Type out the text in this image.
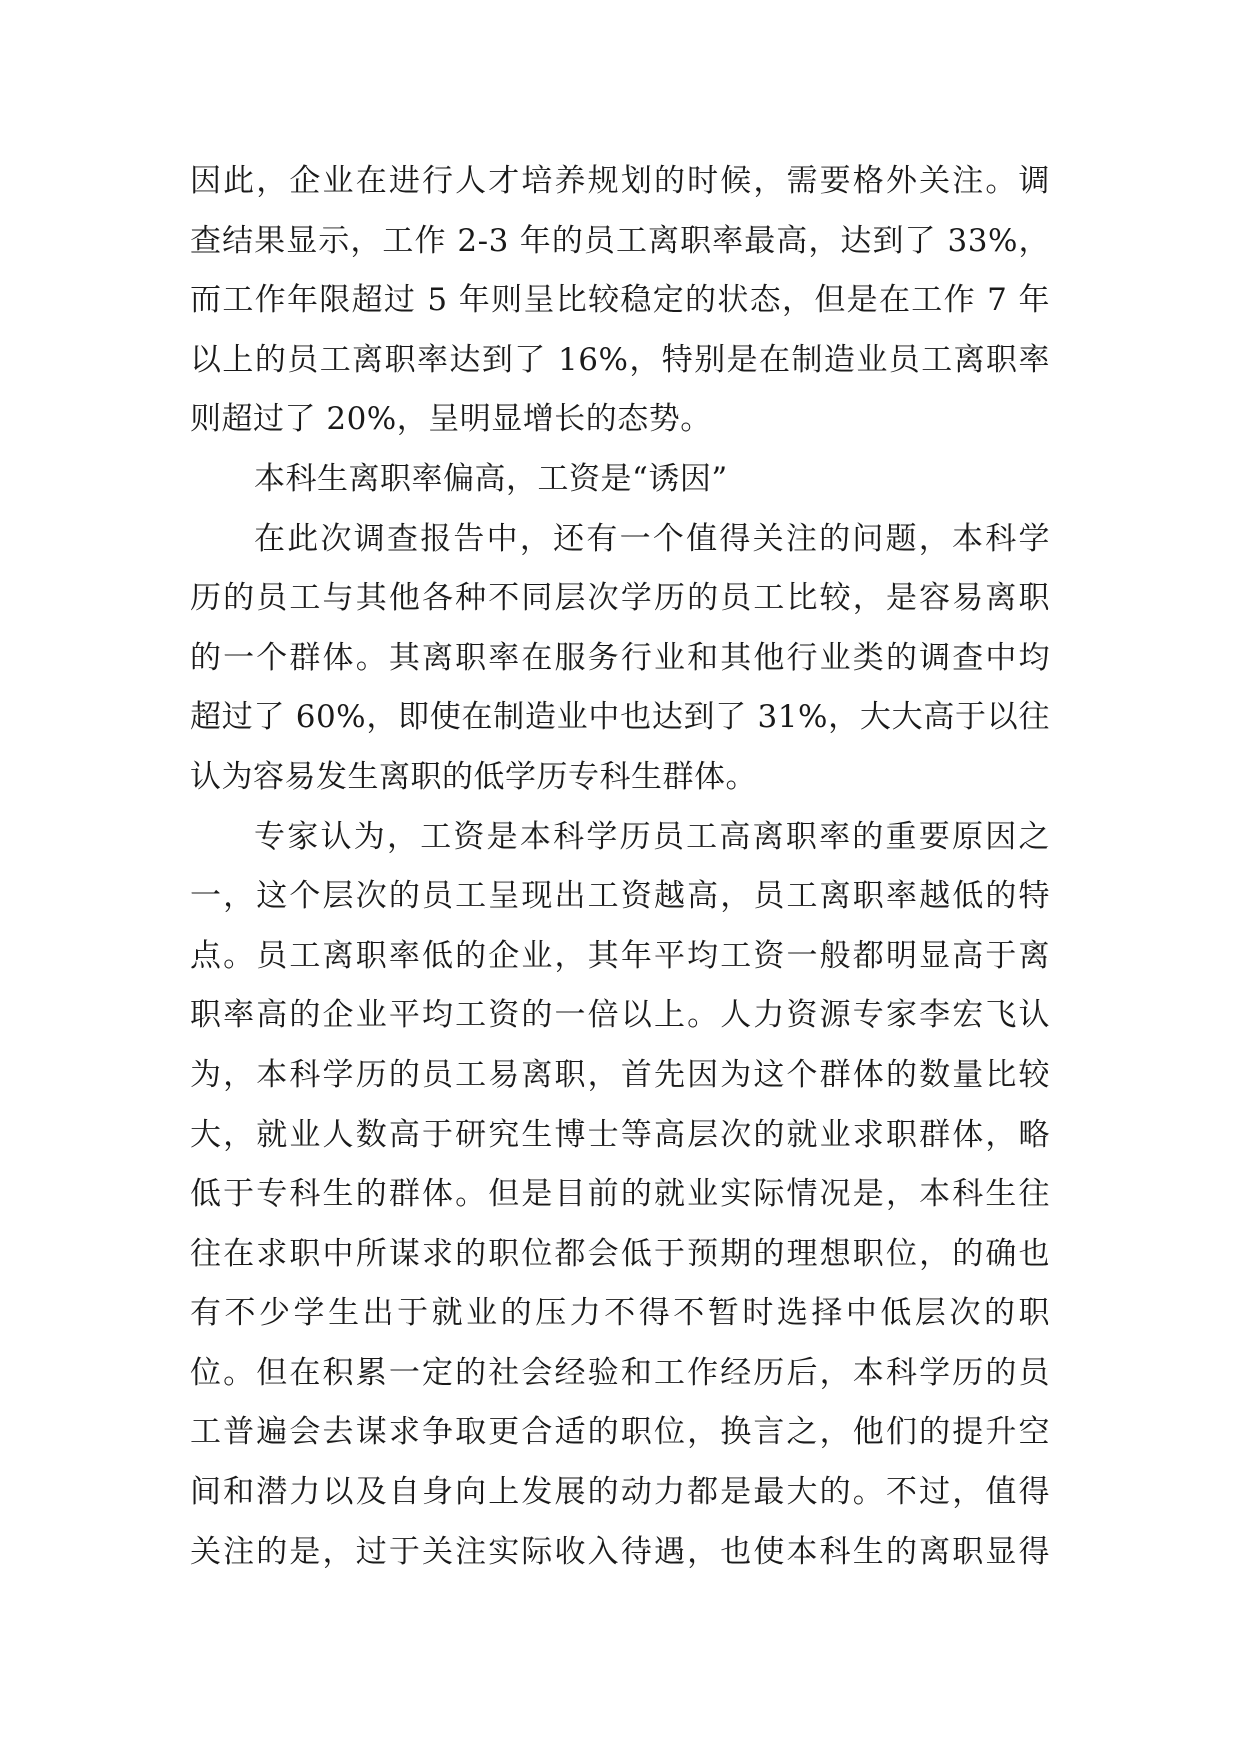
因此，企业在进行人才培养规划的时候，需要格外关注。调
查结果显示，工作 2-3 年的员工离职率最高，达到了 33%，
而工作年限超过 5 年则呈比较稳定的状态，但是在工作 7 年
以上的员工离职率达到了 16%，特别是在制造业员工离职率
则超过了 20%，呈明显增长的态势。
本科生离职率偏高，工资是“诱因”
在此次调查报告中，还有一个值得关注的问题，本科学
历的员工与其他各种不同层次学历的员工比较，是容易离职
的一个群体。其离职率在服务行业和其他行业类的调查中均
超过了 60%，即使在制造业中也达到了 31%，大大高于以往
认为容易发生离职的低学历专科生群体。
专家认为，工资是本科学历员工高离职率的重要原因之
一，这个层次的员工呈现出工资越高，员工离职率越低的特
点。员工离职率低的企业，其年平均工资一般都明显高于离
职率高的企业平均工资的一倍以上。人力资源专家李宏飞认
为，本科学历的员工易离职，首先因为这个群体的数量比较
大，就业人数高于研究生博士等高层次的就业求职群体，略
低于专科生的群体。但是目前的就业实际情况是，本科生往
往在求职中所谋求的职位都会低于预期的理想职位，的确也
有不少学生出于就业的压力不得不暂时选择中低层次的职
位。但在积累一定的社会经验和工作经历后，本科学历的员
工普遍会去谋求争取更合适的职位，换言之，他们的提升空
间和潜力以及自身向上发展的动力都是最大的。不过，值得
关注的是，过于关注实际收入待遇，也使本科生的离职显得
